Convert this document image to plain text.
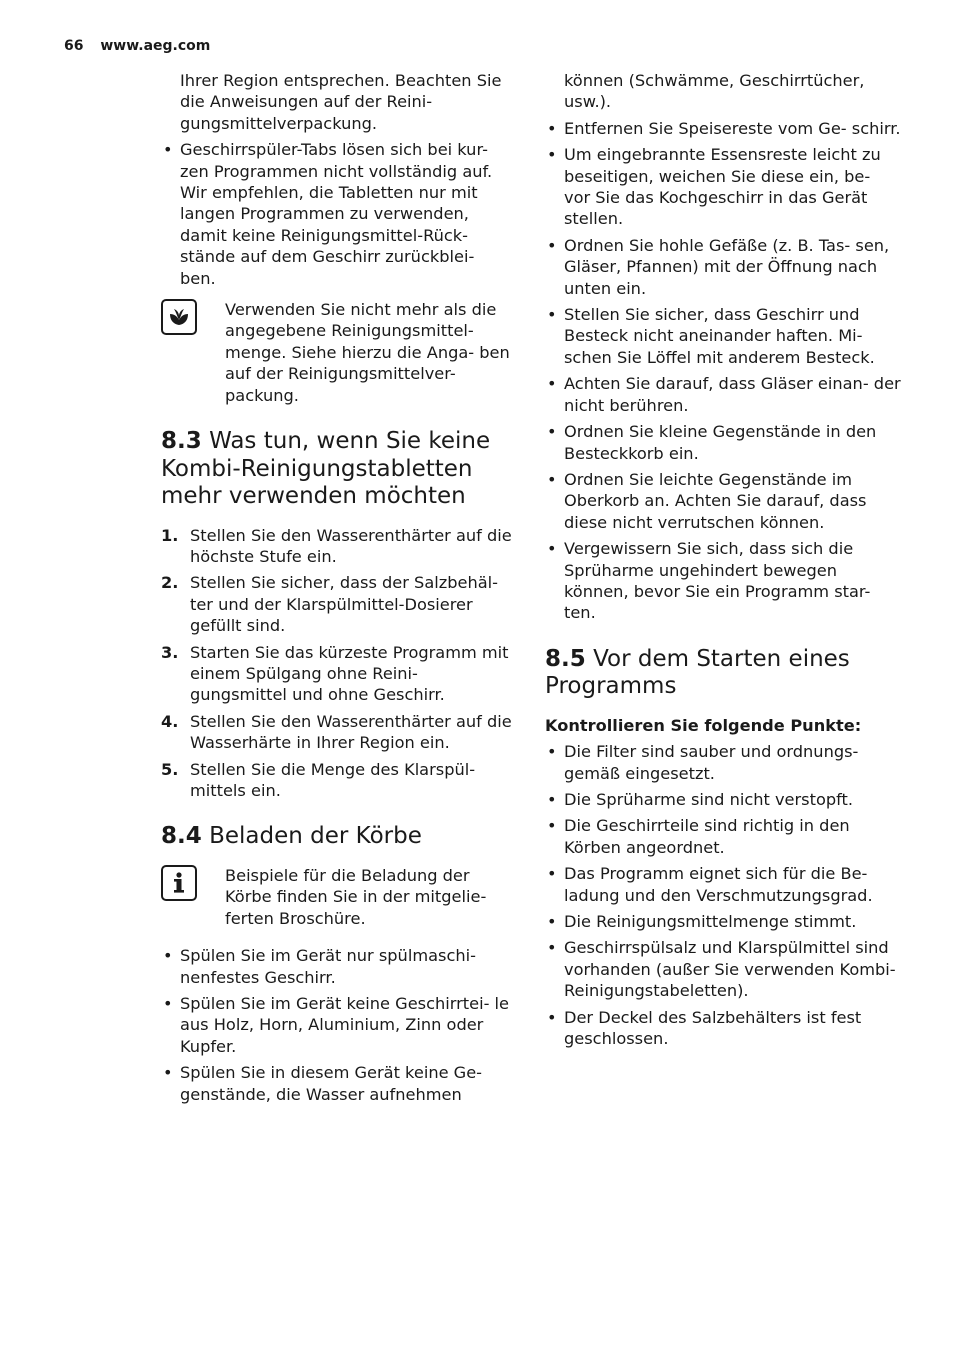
66 www.aeg.com

Ihrer Region entsprechen. Beachten Sie die Anweisungen auf der Reini- gungsmittelverpackung.

• Geschirrspüler-Tabs lösen sich bei kur- zen Programmen nicht vollständig auf. Wir empfehlen, die Tabletten nur mit langen Programmen zu verwenden, damit keine Reinigungsmittel-Rück- stände auf dem Geschirr zurückblei- ben.
Verwenden Sie nicht mehr als die angegebene Reinigungsmittel- menge. Siehe hierzu die Anga- ben auf der Reinigungsmittelver- packung.
8.3 Was tun, wenn Sie keine Kombi-Reinigungstabletten mehr verwenden möchten
1. Stellen Sie den Wasserenthärter auf die höchste Stufe ein.
2. Stellen Sie sicher, dass der Salzbehäl- ter und der Klarspülmittel-Dosierer gefüllt sind.
3. Starten Sie das kürzeste Programm mit einem Spülgang ohne Reini- gungsmittel und ohne Geschirr.
4. Stellen Sie den Wasserenthärter auf die Wasserhärte in Ihrer Region ein.
5. Stellen Sie die Menge des Klarspül- mittels ein.
8.4 Beladen der Körbe
Beispiele für die Beladung der Körbe finden Sie in der mitgelie- ferten Broschüre.
• Spülen Sie im Gerät nur spülmaschi- nenfestes Geschirr.
• Spülen Sie im Gerät keine Geschirrtei- le aus Holz, Horn, Aluminium, Zinn oder Kupfer.
• Spülen Sie in diesem Gerät keine Ge- genstände, die Wasser aufnehmen

können (Schwämme, Geschirrtücher, usw.).

• Entfernen Sie Speisereste vom Ge- schirr.
• Um eingebrannte Essensreste leicht zu beseitigen, weichen Sie diese ein, be- vor Sie das Kochgeschirr in das Gerät stellen.
• Ordnen Sie hohle Gefäße (z. B. Tas- sen, Gläser, Pfannen) mit der Öffnung nach unten ein.
• Stellen Sie sicher, dass Geschirr und Besteck nicht aneinander haften. Mi- schen Sie Löffel mit anderem Besteck.
• Achten Sie darauf, dass Gläser einan- der nicht berühren.
• Ordnen Sie kleine Gegenstände in den Besteckkorb ein.
• Ordnen Sie leichte Gegenstände im Oberkorb an. Achten Sie darauf, dass diese nicht verrutschen können.
• Vergewissern Sie sich, dass sich die Sprüharme ungehindert bewegen können, bevor Sie ein Programm star- ten.
8.5 Vor dem Starten eines Programms

Kontrollieren Sie folgende Punkte:

• Die Filter sind sauber und ordnungs- gemäß eingesetzt.
• Die Sprüharme sind nicht verstopft.
• Die Geschirrteile sind richtig in den Körben angeordnet.
• Das Programm eignet sich für die Be- ladung und den Verschmutzungsgrad.
• Die Reinigungsmittelmenge stimmt.
• Geschirrspülsalz und Klarspülmittel sind vorhanden (außer Sie verwenden Kombi-Reinigungstabeletten).
• Der Deckel des Salzbehälters ist fest geschlossen.
